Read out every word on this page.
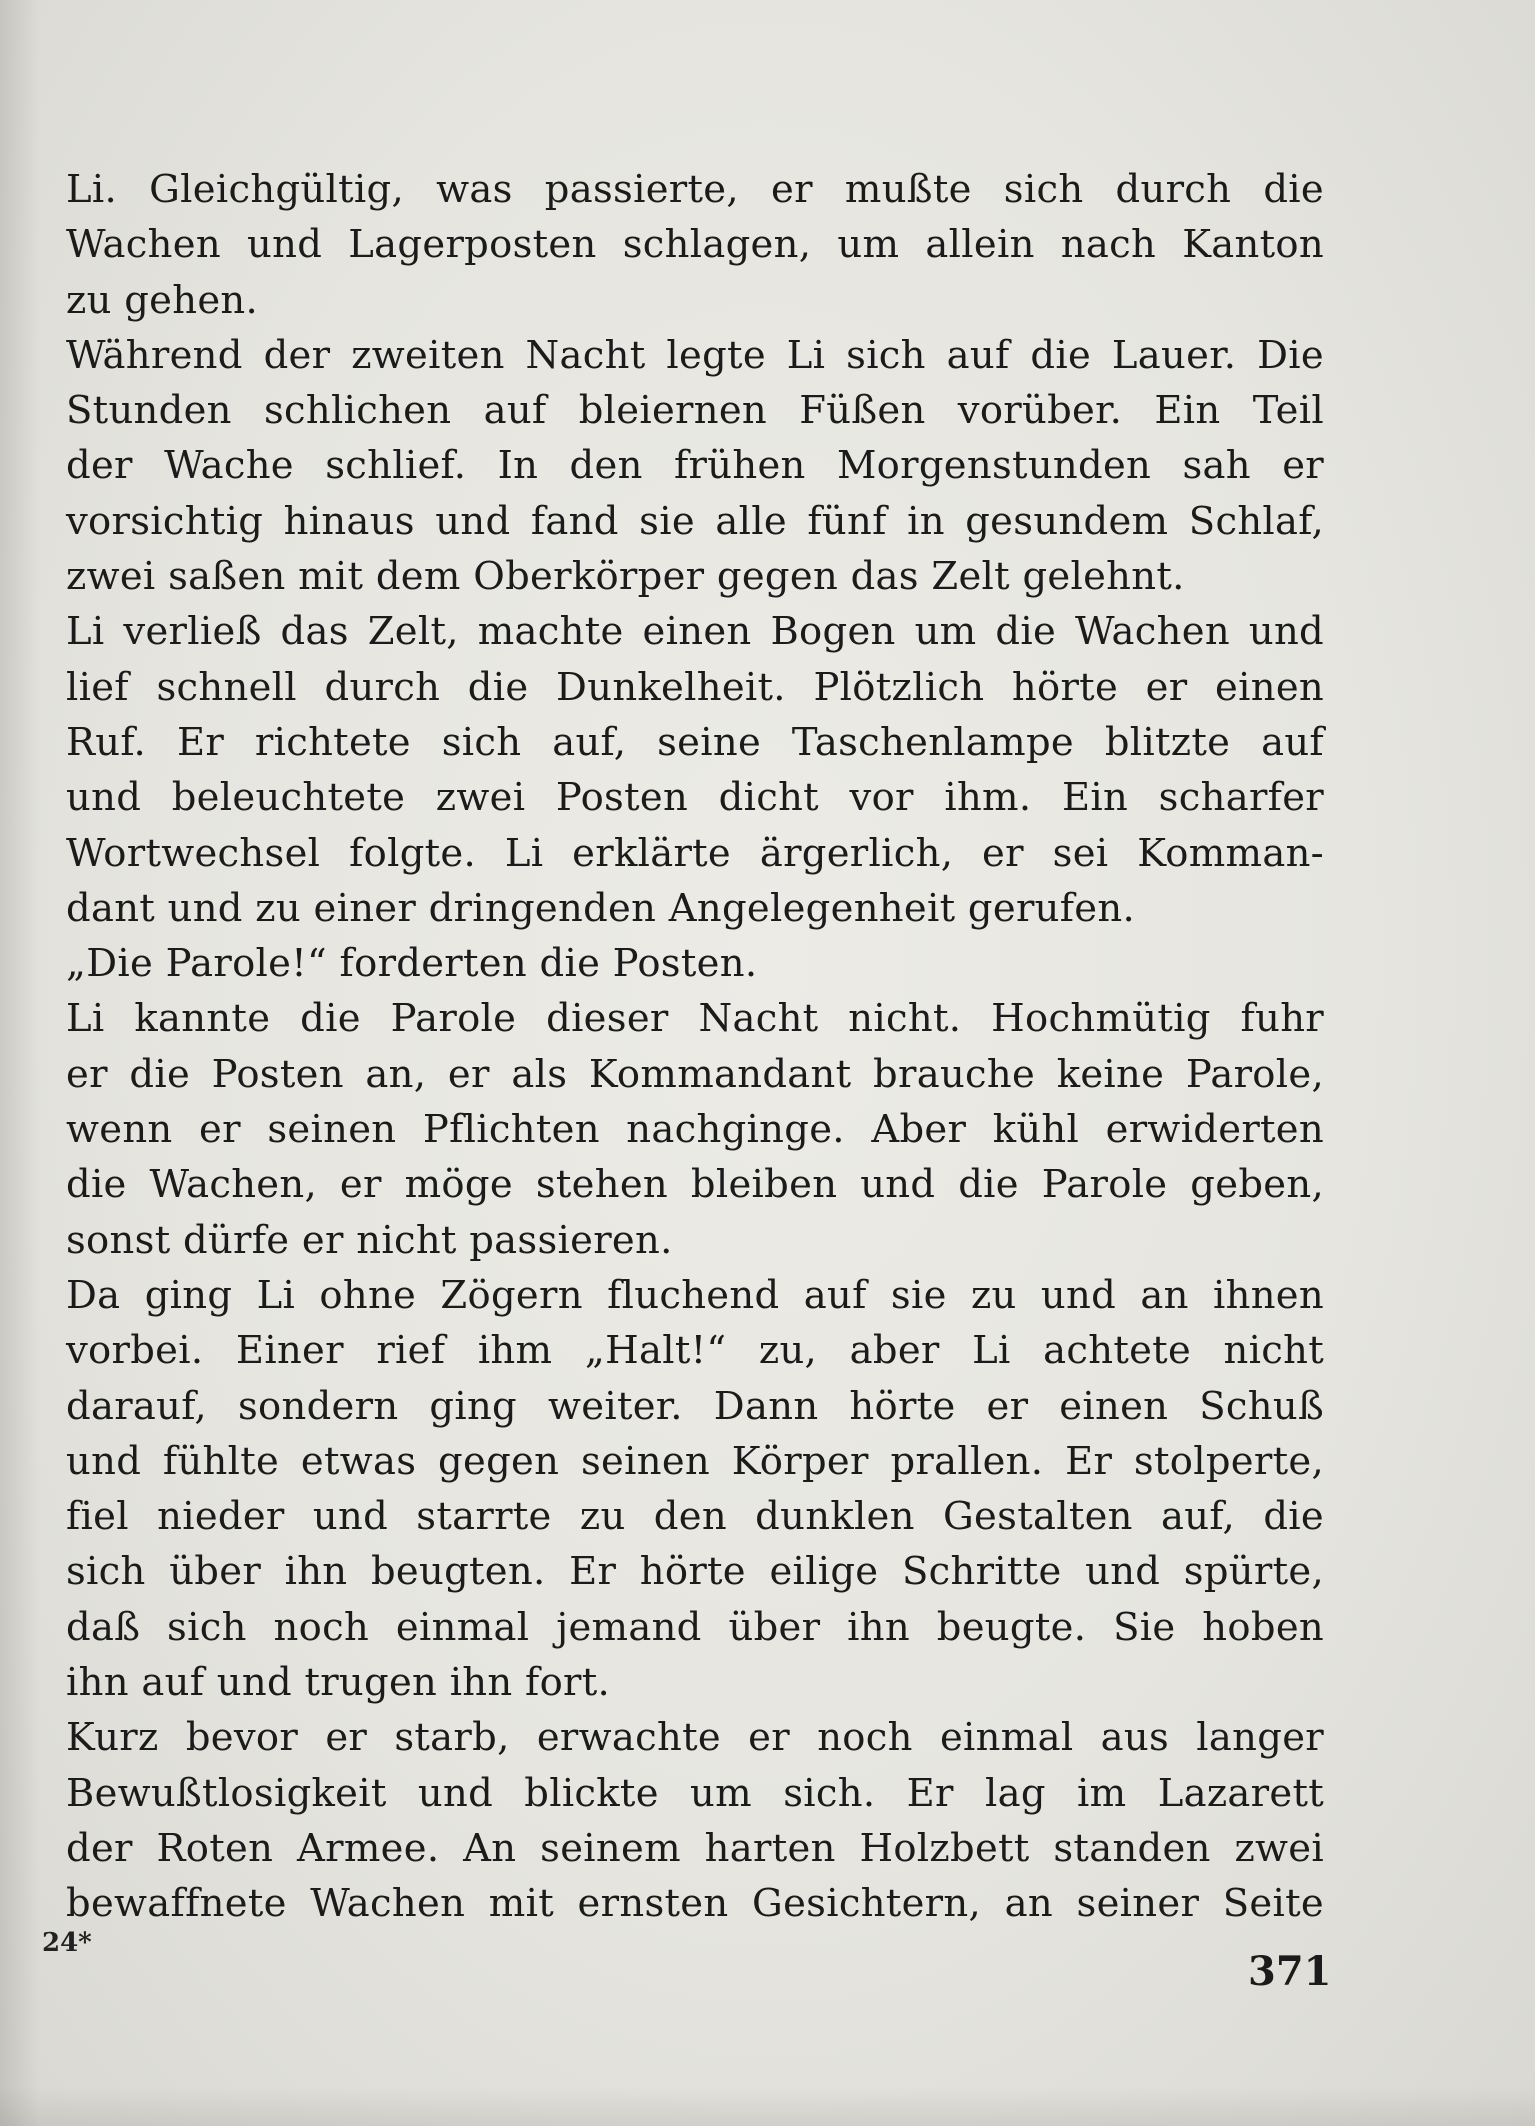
Li. Gleichgültig, was passierte, er mußte sich durch die
Wachen und Lagerposten schlagen, um allein nach Kanton
zu gehen.
Während der zweiten Nacht legte Li sich auf die Lauer. Die
Stunden schlichen auf bleiernen Füßen vorüber. Ein Teil
der Wache schlief. In den frühen Morgenstunden sah er
vorsichtig hinaus und fand sie alle fünf in gesundem Schlaf,
zwei saßen mit dem Oberkörper gegen das Zelt gelehnt.
Li verließ das Zelt, machte einen Bogen um die Wachen und
lief schnell durch die Dunkelheit. Plötzlich hörte er einen
Ruf. Er richtete sich auf, seine Taschenlampe blitzte auf
und beleuchtete zwei Posten dicht vor ihm. Ein scharfer
Wortwechsel folgte. Li erklärte ärgerlich, er sei Komman-
dant und zu einer dringenden Angelegenheit gerufen.
„Die Parole!“ forderten die Posten.
Li kannte die Parole dieser Nacht nicht. Hochmütig fuhr
er die Posten an, er als Kommandant brauche keine Parole,
wenn er seinen Pflichten nachginge. Aber kühl erwiderten
die Wachen, er möge stehen bleiben und die Parole geben,
sonst dürfe er nicht passieren.
Da ging Li ohne Zögern fluchend auf sie zu und an ihnen
vorbei. Einer rief ihm „Halt!“ zu, aber Li achtete nicht
darauf, sondern ging weiter. Dann hörte er einen Schuß
und fühlte etwas gegen seinen Körper prallen. Er stolperte,
fiel nieder und starrte zu den dunklen Gestalten auf, die
sich über ihn beugten. Er hörte eilige Schritte und spürte,
daß sich noch einmal jemand über ihn beugte. Sie hoben
ihn auf und trugen ihn fort.
Kurz bevor er starb, erwachte er noch einmal aus langer
Bewußtlosigkeit und blickte um sich. Er lag im Lazarett
der Roten Armee. An seinem harten Holzbett standen zwei
bewaffnete Wachen mit ernsten Gesichtern, an seiner Seite
24*
371
